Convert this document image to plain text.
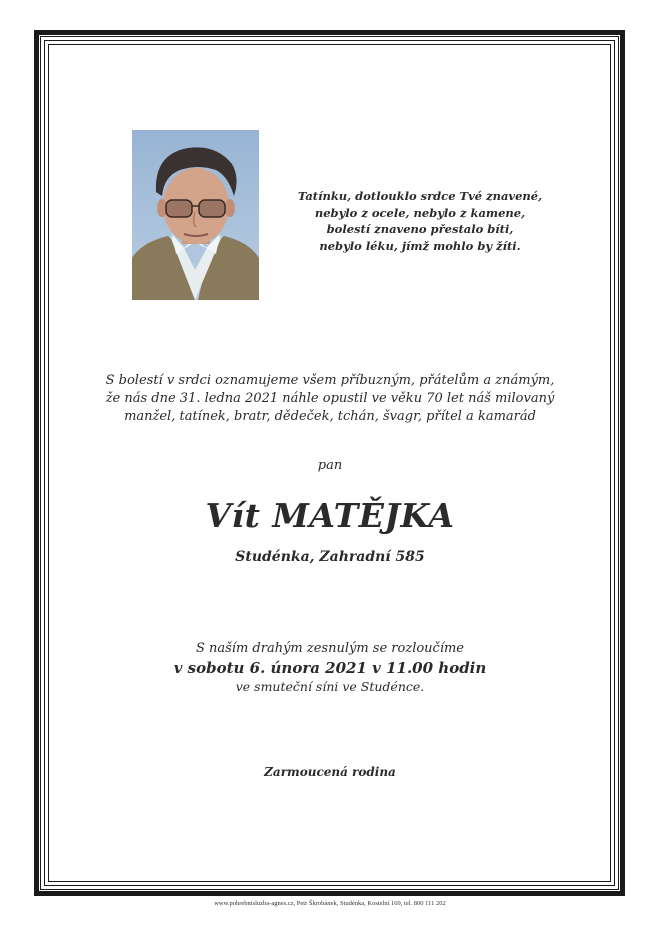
Tatínku, dotlouklo srdce Tvé znavené,
nebylo z ocele, nebylo z kamene,
bolestí znaveno přestalo bíti,
nebylo léku, jímž mohlo by žíti.
S bolestí v srdci oznamujeme všem příbuzným, přátelům a známým,
že nás dne 31. ledna 2021 náhle opustil ve věku 70 let náš milovaný
manžel, tatínek, bratr, dědeček, tchán, švagr, přítel a kamarád
pan
Vít MATĚJKA
Studénka, Zahradní 585
S naším drahým zesnulým se rozloučíme
v sobotu 6. února 2021 v 11.00 hodin
ve smuteční síni ve Studénce.
Zarmoucená rodina
www.pohrebnisluzba-agnes.cz, Petr Škrobánek, Studénka, Kostelní 169, tel. 800 111 202
